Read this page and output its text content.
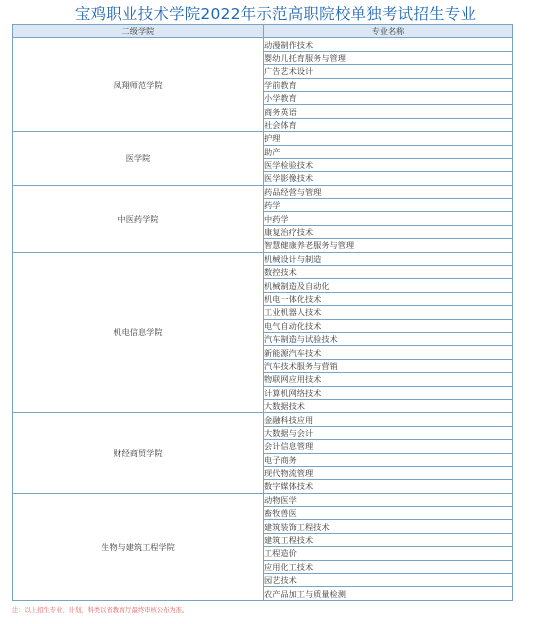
宝鸡职业技术学院2022年示范高职院校单独考试招生专业
二级学院	专业名称
凤翔师范学院	动漫制作技术
	婴幼儿托育服务与管理
	广告艺术设计
	学前教育
	小学教育
	商务英语
	社会体育
医学院	护理
	助产
	医学检验技术
	医学影像技术
中医药学院	药品经营与管理
	药学
	中药学
	康复治疗技术
	智慧健康养老服务与管理
机电信息学院	机械设计与制造
	数控技术
	机械制造及自动化
	机电一体化技术
	工业机器人技术
	电气自动化技术
	汽车制造与试验技术
	新能源汽车技术
	汽车技术服务与营销
	物联网应用技术
	计算机网络技术
	大数据技术
财经商贸学院	金融科技应用
	大数据与会计
	会计信息管理
	电子商务
	现代物流管理
	数字媒体技术
生物与建筑工程学院	动物医学
	畜牧兽医
	建筑装饰工程技术
	建筑工程技术
	工程造价
	应用化工技术
	园艺技术
	农产品加工与质量检测
注：以上招生专业、计划、科类以省教育厅最终审核公布为准。
